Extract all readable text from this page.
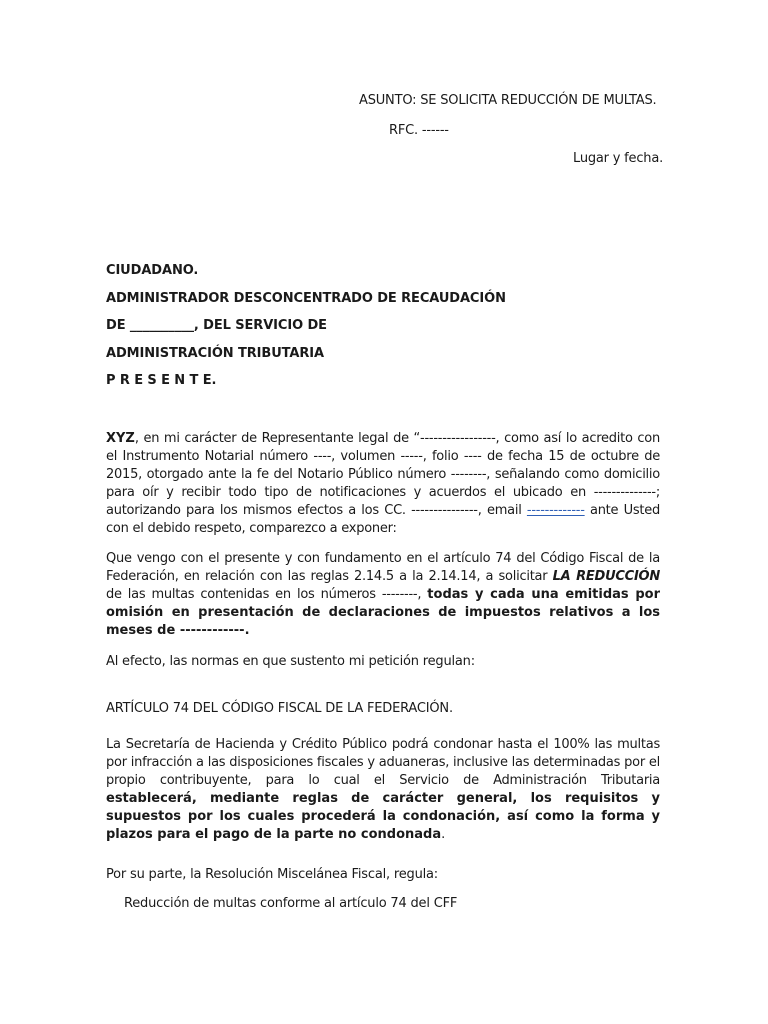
ASUNTO: SE SOLICITA REDUCCIÓN DE MULTAS.
RFC. ------
Lugar y fecha.
CIUDADANO.
ADMINISTRADOR DESCONCENTRADO DE RECAUDACIÓN
DE __________, DEL SERVICIO DE
ADMINISTRACIÓN TRIBUTARIA
P R E S E N T E.

XYZ, en mi carácter de Representante legal de “-----------------, como así lo acredito con el Instrumento Notarial número ----, volumen -----, folio ---- de fecha 15 de octubre de 2015, otorgado ante la fe del Notario Público número --------, señalando como domicilio para oír y recibir todo tipo de notificaciones y acuerdos el ubicado en --------------; autorizando para los mismos efectos a los CC. ---------------, email ------------- ante Usted con el debido respeto, comparezco a exponer:

Que vengo con el presente y con fundamento en el artículo 74 del Código Fiscal de la Federación, en relación con las reglas 2.14.5 a la 2.14.14, a solicitar LA REDUCCIÓN de las multas contenidas en los números --------, todas y cada una emitidas por omisión en presentación de declaraciones de impuestos relativos a los meses de ------------.

Al efecto, las normas en que sustento mi petición regulan:
ARTÍCULO 74 DEL CÓDIGO FISCAL DE LA FEDERACIÓN.

La Secretaría de Hacienda y Crédito Público podrá condonar hasta el 100% las multas por infracción a las disposiciones fiscales y aduaneras, inclusive las determinadas por el propio contribuyente, para lo cual el Servicio de Administración Tributaria establecerá, mediante reglas de carácter general, los requisitos y supuestos por los cuales procederá la condonación, así como la forma y plazos para el pago de la parte no condonada.

Por su parte, la Resolución Miscelánea Fiscal, regula:
Reducción de multas conforme al artículo 74 del CFF
